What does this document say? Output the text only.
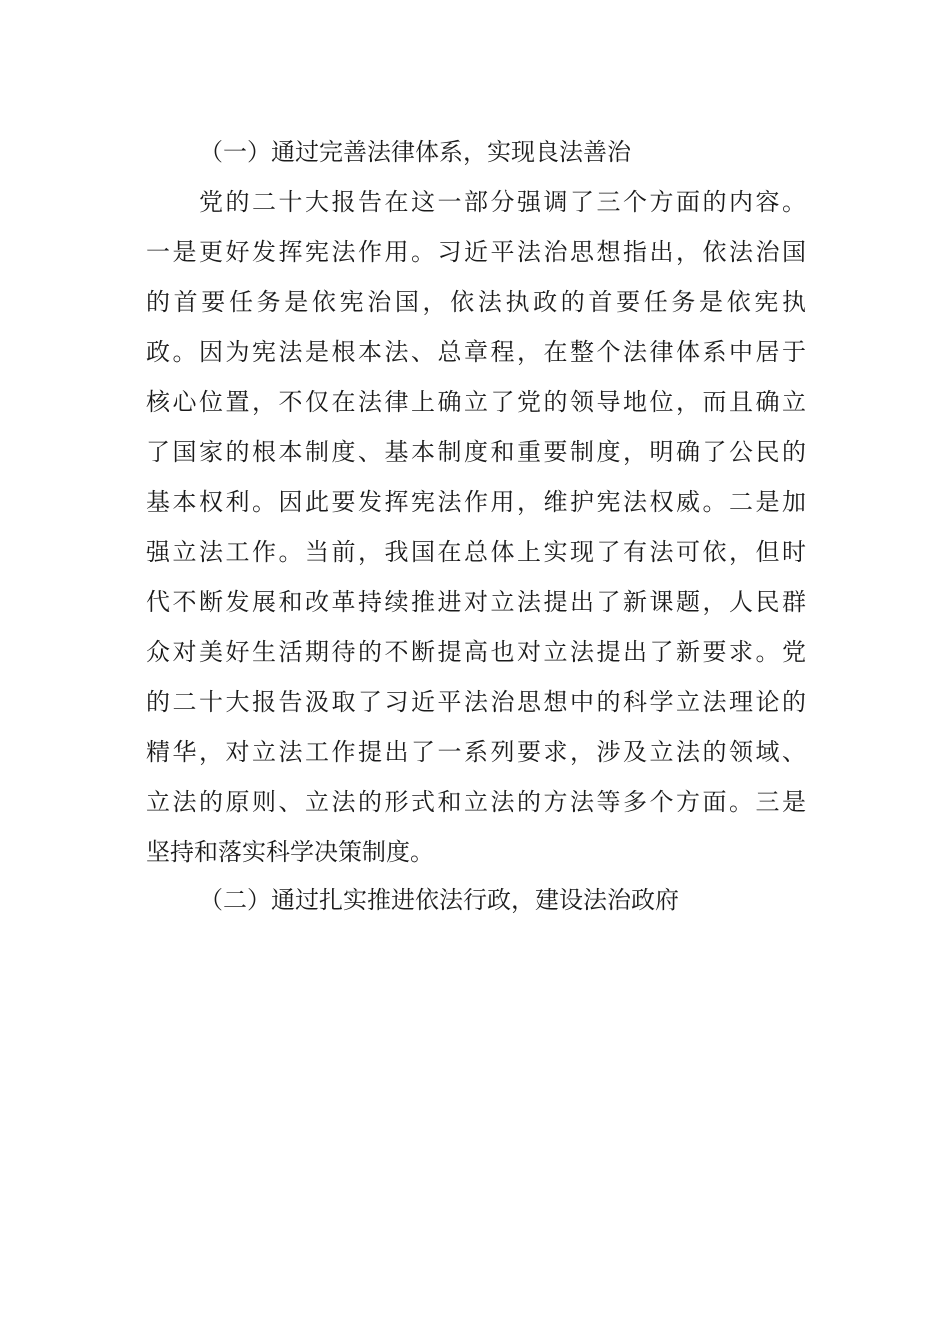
（一）通过完善法律体系，实现良法善治
党的二十大报告在这一部分强调了三个方面的内容。
一是更好发挥宪法作用。习近平法治思想指出，依法治国
的首要任务是依宪治国，依法执政的首要任务是依宪执
政。因为宪法是根本法、总章程，在整个法律体系中居于
核心位置，不仅在法律上确立了党的领导地位，而且确立
了国家的根本制度、基本制度和重要制度，明确了公民的
基本权利。因此要发挥宪法作用，维护宪法权威。二是加
强立法工作。当前，我国在总体上实现了有法可依，但时
代不断发展和改革持续推进对立法提出了新课题，人民群
众对美好生活期待的不断提高也对立法提出了新要求。党
的二十大报告汲取了习近平法治思想中的科学立法理论的
精华，对立法工作提出了一系列要求，涉及立法的领域、
立法的原则、立法的形式和立法的方法等多个方面。三是
坚持和落实科学决策制度。
（二）通过扎实推进依法行政，建设法治政府
